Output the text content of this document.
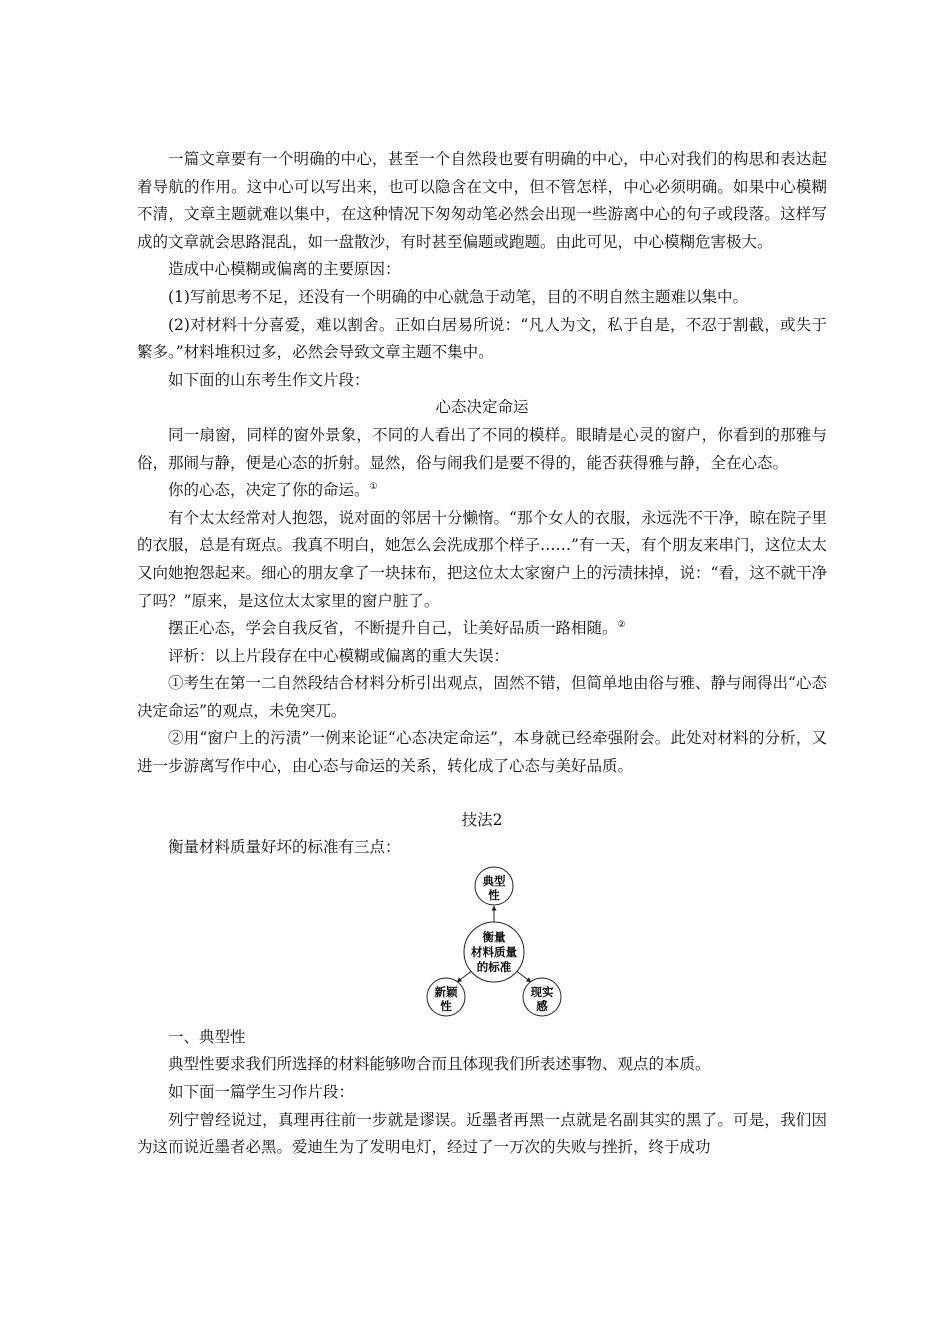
一篇文章要有一个明确的中心，甚至一个自然段也要有明确的中心，中心对我们的构思和表达起着导航的作用。这中心可以写出来，也可以隐含在文中，但不管怎样，中心必须明确。如果中心模糊不清，文章主题就难以集中，在这种情况下匆匆动笔必然会出现一些游离中心的句子或段落。这样写成的文章就会思路混乱，如一盘散沙，有时甚至偏题或跑题。由此可见，中心模糊危害极大。

造成中心模糊或偏离的主要原因：

(1)写前思考不足，还没有一个明确的中心就急于动笔，目的不明自然主题难以集中。

(2)对材料十分喜爱，难以割舍。正如白居易所说：“凡人为文，私于自是，不忍于割截，或失于繁多。”材料堆积过多，必然会导致文章主题不集中。

如下面的山东考生作文片段：

心态决定命运

同一扇窗，同样的窗外景象，不同的人看出了不同的模样。眼睛是心灵的窗户，你看到的那雅与俗，那闹与静，便是心态的折射。显然，俗与闹我们是要不得的，能否获得雅与静，全在心态。

你的心态，决定了你的命运。①

有个太太经常对人抱怨，说对面的邻居十分懒惰。“那个女人的衣服，永远洗不干净，晾在院子里的衣服，总是有斑点。我真不明白，她怎么会洗成那个样子……”有一天，有个朋友来串门，这位太太又向她抱怨起来。细心的朋友拿了一块抹布，把这位太太家窗户上的污渍抹掉，说：“看，这不就干净了吗？”原来，是这位太太家里的窗户脏了。

摆正心态，学会自我反省，不断提升自己，让美好品质一路相随。②

评析：以上片段存在中心模糊或偏离的重大失误：

①考生在第一二自然段结合材料分析引出观点，固然不错，但简单地由俗与雅、静与闹得出“心态决定命运”的观点，未免突兀。

②用“窗户上的污渍”一例来论证“心态决定命运”，本身就已经牵强附会。此处对材料的分析，又进一步游离写作中心，由心态与命运的关系，转化成了心态与美好品质。

技法2

衡量材料质量好坏的标准有三点：

典型
性
衡量
材料质量
的标准
新颖
性
现实
感

一、典型性

典型性要求我们所选择的材料能够吻合而且体现我们所表述事物、观点的本质。

如下面一篇学生习作片段：

列宁曾经说过，真理再往前一步就是谬误。近墨者再黑一点就是名副其实的黑了。可是，我们因为这而说近墨者必黑。爱迪生为了发明电灯，经过了一万次的失败与挫折，终于成功
